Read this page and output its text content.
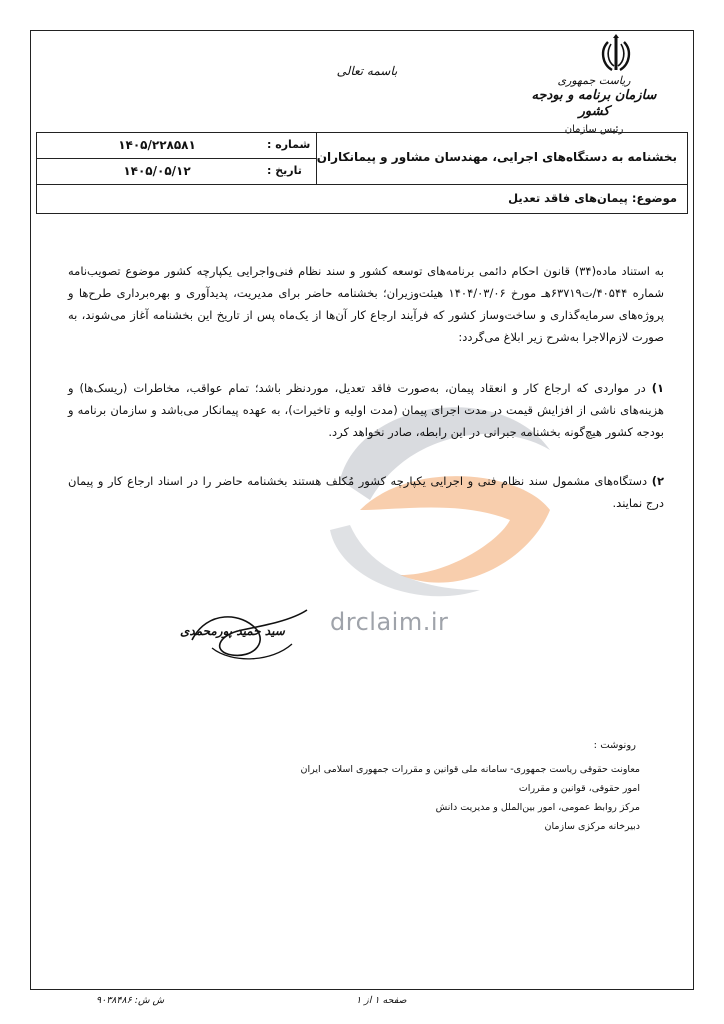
drclaim.ir
ریاست جمهوری
سازمان برنامه و بودجه کشور
رئیس سازمان
باسمه تعالی
بخشنامه به دستگاه‌های اجرایی، مهندسان مشاور و پیمانکاران
شماره :
۱۴۰۵/۲۲۸۵۸۱
تاریخ :
۱۴۰۵/۰۵/۱۲
موضوع: پیمان‌های فاقد تعدیل
به استناد ماده(۳۴) قانون احکام دائمی برنامه‌های توسعه کشور و سند نظام فنی‌واجرایی یکپارچه کشور موضوع تصویب‌نامه شماره ۴۰۵۴۴/ت۶۳۷۱۹هـ مورخ ۱۴۰۴/۰۳/۰۶ هیئت‌وزیران؛ بخشنامه حاضر برای مدیریت، پدیدآوری و بهره‌برداری طرح‌ها و پروژه‌های سرمایه‌گذاری و ساخت‌وساز کشور که فرآیند ارجاع کار آن‌ها از یک‌ماه پس از تاریخ این بخشنامه آغاز می‌شوند، به صورت لازم‌الاجرا به‌شرح زیر ابلاغ می‌گردد:
۱) در مواردی که ارجاع کار و انعقاد پیمان، به‌صورت فاقد تعدیل، موردنظر باشد؛ تمام عواقب، مخاطرات (ریسک‌ها) و هزینه‌های ناشی از افزایش قیمت در مدت اجرای پیمان (مدت اولیه و تاخیرات)، به عهده پیمانکار می‌باشد و سازمان برنامه و بودجه کشور هیچ‌گونه بخشنامه جبرانی در این رابطه، صادر نخواهد کرد.
۲) دستگاه‌های مشمول سند نظام فنی و اجرایی یکپارچه کشور مُکلف هستند بخشنامه حاضر را در اسناد ارجاع کار و پیمان درج نمایند.
سید حمید پورمحمدی
رونوشت :
معاونت حقوقی ریاست جمهوری- سامانه ملی قوانین و مقررات جمهوری اسلامی ایران
امور حقوقی، قوانین و مقررات
مرکز روابط عمومی، امور بین‌الملل و مدیریت دانش
دبیرخانه مرکزی سازمان
صفحه ۱ از ۱
ش ش: ۹۰۳۸۴۸۶
